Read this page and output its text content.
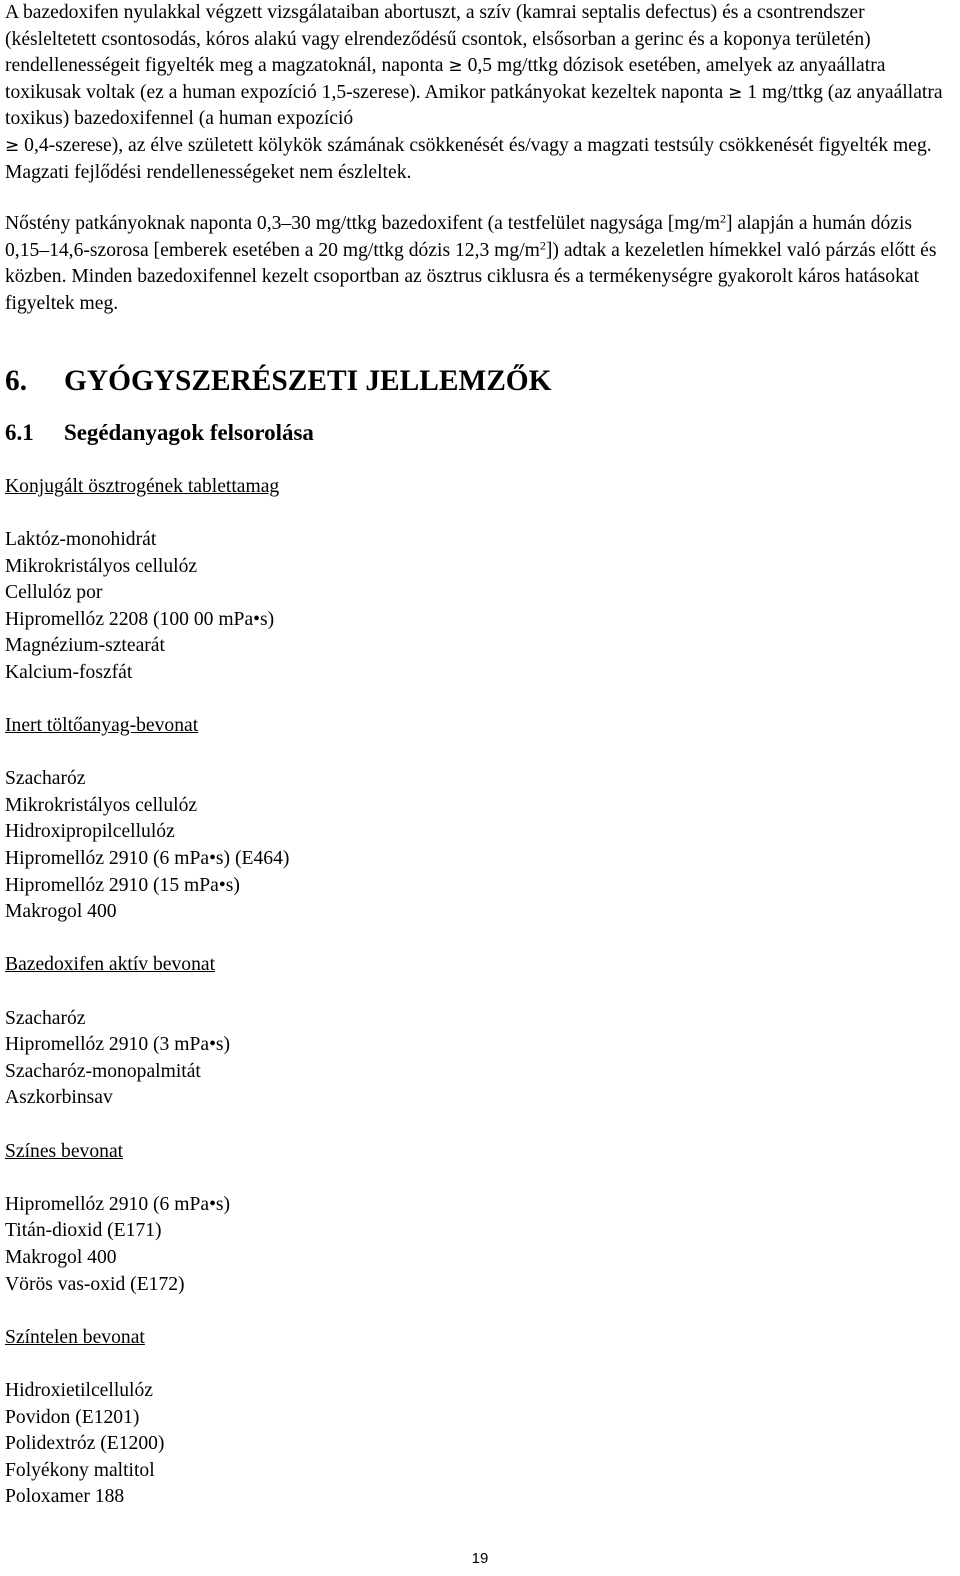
A bazedoxifen nyulakkal végzett vizsgálataiban abortuszt, a szív (kamrai septalis defectus) és a csontrendszer (késleltetett csontosodás, kóros alakú vagy elrendeződésű csontok, elsősorban a gerinc és a koponya területén) rendellenességeit figyelték meg a magzatoknál, naponta ≥ 0,5 mg/ttkg dózisok esetében, amelyek az anyaállatra toxikusak voltak (ez a human expozíció 1,5-szerese). Amikor patkányokat kezeltek naponta ≥ 1 mg/ttkg (az anyaállatra toxikus) bazedoxifennel (a human expozíció
≥ 0,4-szerese), az élve született kölykök számának csökkenését és/vagy a magzati testsúly csökkenését figyelték meg. Magzati fejlődési rendellenességeket nem észleltek.

Nőstény patkányoknak naponta 0,3–30 mg/ttkg bazedoxifent (a testfelület nagysága $[mg/m^2]$ alapján a humán dózis 0,15–14,6-szorosa [emberek esetében a 20 mg/ttkg dózis 12,3 $mg/m^2$]) adtak a kezeletlen hímekkel való párzás előtt és közben. Minden bazedoxifennel kezelt csoportban az ösztrus ciklusra és a termékenységre gyakorolt káros hatásokat figyeltek meg.

6.	GYÓGYSZERÉSZETI JELLEMZŐK
6.1	Segédanyagok felsorolása

Konjugált ösztrogének tablettamag

Laktóz-monohidrát
Mikrokristályos cellulóz
Cellulóz por
Hipromellóz 2208 (100 00 mPa•s)
Magnézium-sztearát
Kalcium-foszfát

Inert töltőanyag-bevonat

Szacharóz
Mikrokristályos cellulóz
Hidroxipropilcellulóz
Hipromellóz 2910 (6 mPa•s) (E464)
Hipromellóz 2910 (15 mPa•s)
Makrogol 400

Bazedoxifen aktív bevonat

Szacharóz
Hipromellóz 2910 (3 mPa•s)
Szacharóz-monopalmitát
Aszkorbinsav

Színes bevonat

Hipromellóz 2910 (6 mPa•s)
Titán-dioxid (E171)
Makrogol 400
Vörös vas-oxid (E172)

Színtelen bevonat

Hidroxietilcellulóz
Povidon (E1201)
Polidextróz (E1200)
Folyékony maltitol
Poloxamer 188
19
